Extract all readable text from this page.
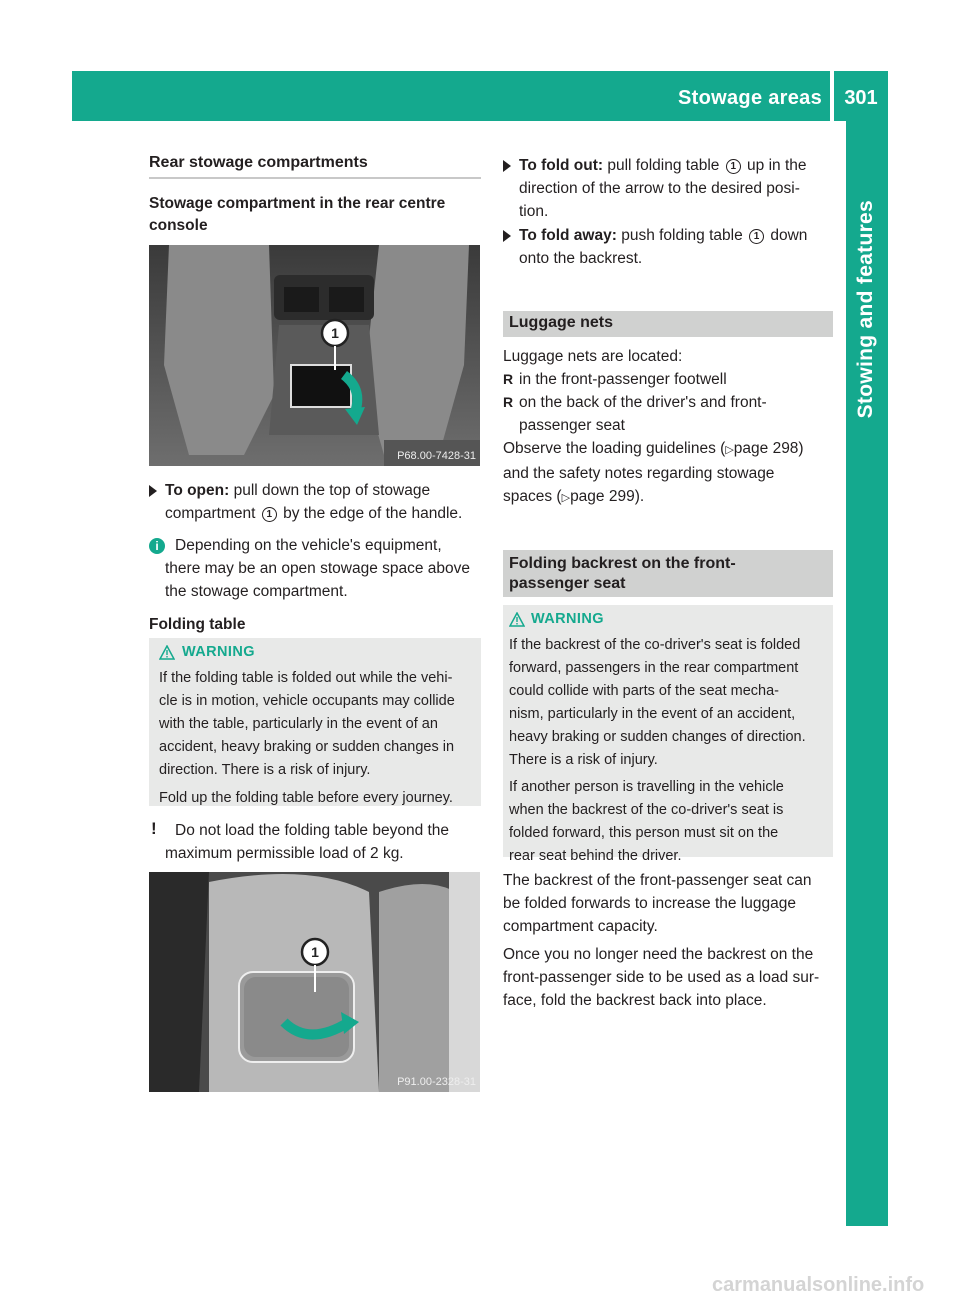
Stowage areas	301
Stowing and features
Rear stowage compartments
Stowage compartment in the rear centre console
1
P68.00-7428-31
To open: pull down the top of stowage
compartment 1 by the edge of the handle.
i	Depending on the vehicle's equipment,
there may be an open stowage space above
the stowage compartment.
Folding table
WARNING
If the folding table is folded out while the vehi-
cle is in motion, vehicle occupants may collide
with the table, particularly in the event of an
accident, heavy braking or sudden changes in
direction. There is a risk of injury.
Fold up the folding table before every journey.
!	Do not load the folding table beyond the
maximum permissible load of 2 kg.
1
P91.00-2328-31
To fold out: pull folding table 1 up in the
direction of the arrow to the desired posi-
tion.
To fold away: push folding table 1 down
onto the backrest.
Luggage nets
Luggage nets are located:
R in the front-passenger footwell
R on the back of the driver's and front-
passenger seat
Observe the loading guidelines (▷page 298)
and the safety notes regarding stowage
spaces (▷page 299).
Folding backrest on the front-
passenger seat
WARNING
If the backrest of the co-driver's seat is folded
forward, passengers in the rear compartment
could collide with parts of the seat mecha-
nism, particularly in the event of an accident,
heavy braking or sudden changes of direction.
There is a risk of injury.
If another person is travelling in the vehicle
when the backrest of the co-driver's seat is
folded forward, this person must sit on the
rear seat behind the driver.
The backrest of the front-passenger seat can
be folded forwards to increase the luggage
compartment capacity.
Once you no longer need the backrest on the
front-passenger side to be used as a load sur-
face, fold the backrest back into place.
carmanualsonline.info
